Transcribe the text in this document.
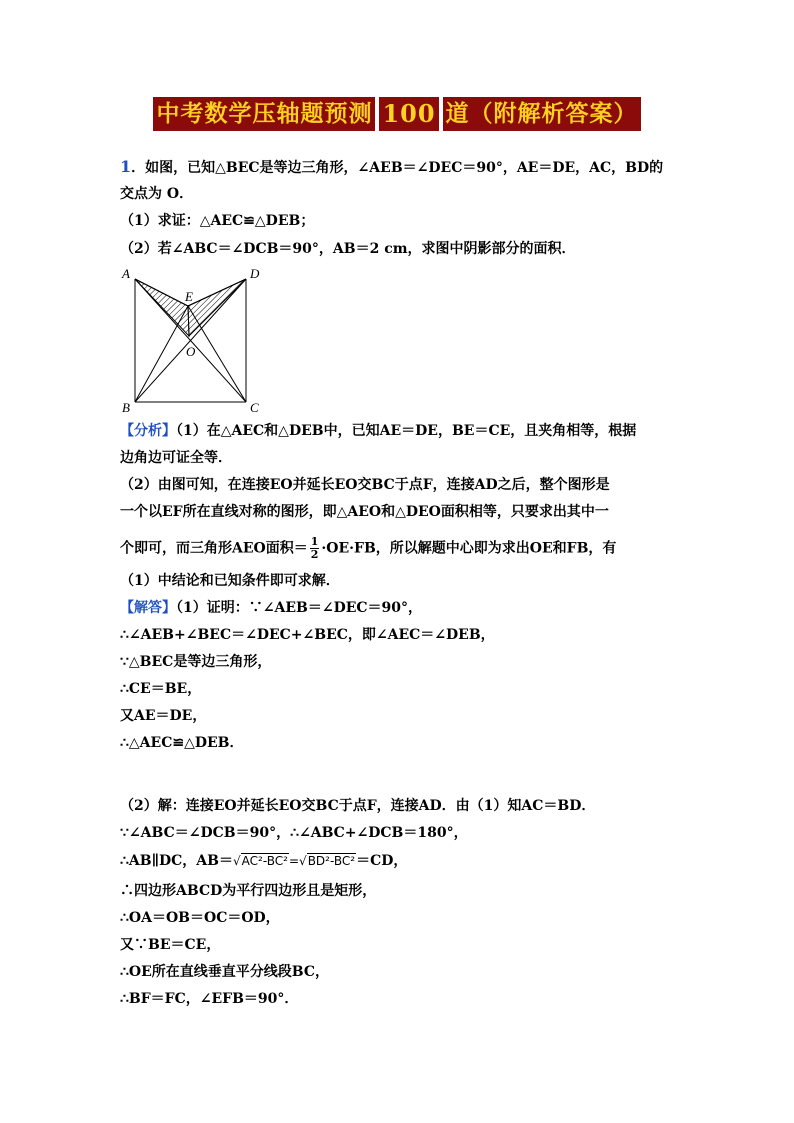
中考数学压轴题预测 100 道（附解析答案）
1．如图，已知△BEC是等边三角形，∠AEB＝∠DEC＝90°，AE＝DE，AC，BD的
交点为 O．
（1）求证：△AEC≌△DEB；
（2）若∠ABC＝∠DCB＝90°，AB＝2 cm，求图中阴影部分的面积．
A	D
E
O
B	C
【分析】（1）在△AEC和△DEB中，已知AE＝DE，BE＝CE，且夹角相等，根据
边角边可证全等．
（2）由图可知，在连接EO并延长EO交BC于点F，连接AD之后，整个图形是
一个以EF所在直线对称的图形，即△AEO和△DEO面积相等，只要求出其中一
个即可，而三角形AEO面积＝ $\frac{1}{2} \cdot OE\cdot FB$，所以解题中心即为求出OE和FB，有
（1）中结论和已知条件即可求解．
【解答】（1）证明：∵∠AEB＝∠DEC＝90°，
∴∠AEB+∠BEC＝∠DEC+∠BEC，即∠AEC＝∠DEB，
∵△BEC是等边三角形，
∴CE＝BE，
又AE＝DE，
∴△AEC≌△DEB．
（2）解：连接EO并延长EO交BC于点F，连接AD．由（1）知AC＝BD．
∵∠ABC＝∠DCB＝90°，∴∠ABC+∠DCB＝180°，
∴AB∥DC，AB＝√AC²-BC²=√BD²-BC²＝CD，
∴四边形ABCD为平行四边形且是矩形，
∴OA＝OB＝OC＝OD，
又∵BE＝CE，
∴OE所在直线垂直平分线段BC，
∴BF＝FC，∠EFB＝90°．
